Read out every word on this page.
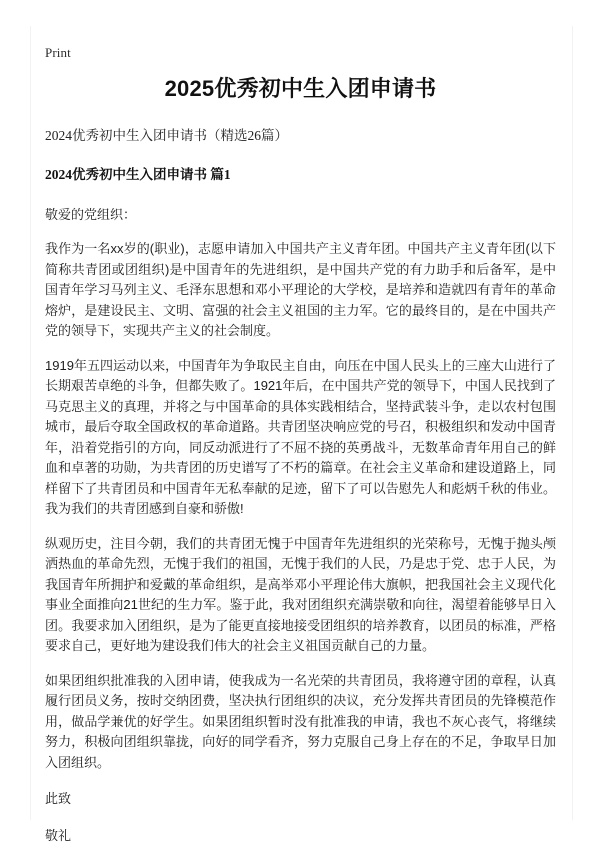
Print
2025优秀初中生入团申请书

2024优秀初中生入团申请书（精选26篇）

2024优秀初中生入团申请书 篇1

敬爱的党组织：

我作为一名xx岁的(职业)，志愿申请加入中国共产主义青年团。中国共产主义青年团(以下简称共青团或团组织)是中国青年的先进组织，是中国共产党的有力助手和后备军，是中国青年学习马列主义、毛泽东思想和邓小平理论的大学校，是培养和造就四有青年的革命熔炉，是建设民主、文明、富强的社会主义祖国的主力军。它的最终目的，是在中国共产党的领导下，实现共产主义的社会制度。

1919年五四运动以来，中国青年为争取民主自由，向压在中国人民头上的三座大山进行了长期艰苦卓绝的斗争，但都失败了。1921年后，在中国共产党的领导下，中国人民找到了马克思主义的真理，并将之与中国革命的具体实践相结合，坚持武装斗争，走以农村包围城市，最后夺取全国政权的革命道路。共青团坚决响应党的号召，积极组织和发动中国青年，沿着党指引的方向，同反动派进行了不屈不挠的英勇战斗，无数革命青年用自己的鲜血和卓著的功勋，为共青团的历史谱写了不朽的篇章。在社会主义革命和建设道路上，同样留下了共青团员和中国青年无私奉献的足迹，留下了可以告慰先人和彪炳千秋的伟业。我为我们的共青团感到自豪和骄傲!

纵观历史，注目今朝，我们的共青团无愧于中国青年先进组织的光荣称号，无愧于抛头颅洒热血的革命先烈，无愧于我们的祖国，无愧于我们的人民，乃是忠于党、忠于人民，为我国青年所拥护和爱戴的革命组织，是高举邓小平理论伟大旗帜，把我国社会主义现代化事业全面推向21世纪的生力军。鉴于此，我对团组织充满崇敬和向往，渴望着能够早日入团。我要求加入团组织，是为了能更直接地接受团组织的培养教育，以团员的标准，严格要求自己，更好地为建设我们伟大的社会主义祖国贡献自己的力量。

如果团组织批准我的入团申请，使我成为一名光荣的共青团员，我将遵守团的章程，认真履行团员义务，按时交纳团费，坚决执行团组织的决议，充分发挥共青团员的先锋模范作用，做品学兼优的好学生。如果团组织暂时没有批准我的申请，我也不灰心丧气，将继续努力，积极向团组织靠拢，向好的同学看齐，努力克服自己身上存在的不足，争取早日加入团组织。

此致

敬礼
